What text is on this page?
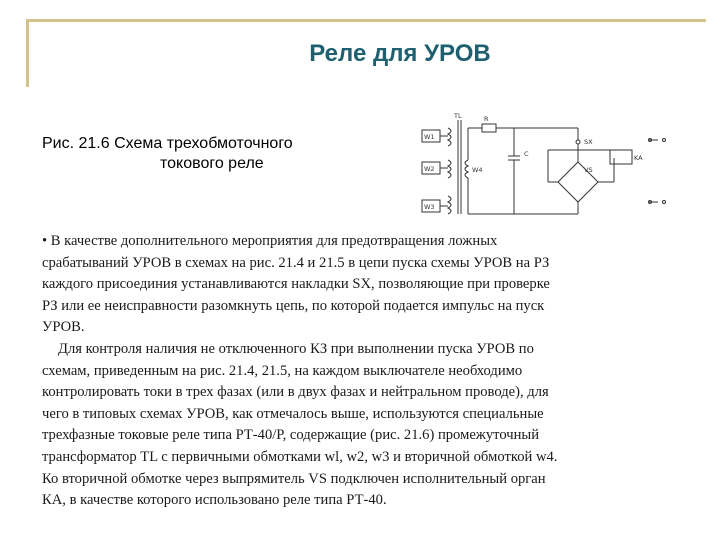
Реле для УРОВ
Рис. 21.6 Схема трехобмоточного
токового реле
W1
W2
W3
W4
TL	R
C
SX
VS
KA

• В качестве дополнительного мероприятия для предотвращения ложных
срабатываний УРОВ в схемах на рис. 21.4 и 21.5 в цепи пуска схемы УРОВ на РЗ
каждого присоединия устанавливаются накладки SX, позволяющие при проверке
РЗ или ее неисправности разомкнуть цепь, по которой подается импульс на пуск
УРОВ.

Для контроля наличия не отключенного КЗ при выполнении пуска УРОВ по
схемам, приведенным на рис. 21.4, 21.5, на каждом выключателе необходимо
контролировать токи в трех фазах (или в двух фазах и нейтральном проводе), для
чего в типовых схемах УРОВ, как отмечалось выше, используются специальные
трехфазные токовые реле типа РТ-40/Р, содержащие (рис. 21.6) промежуточный
трансформатор TL с первичными обмотками wl, w2, w3 и вторичной обмоткой w4.
Ко вторичной обмотке через выпрямитель VS подключен исполнительный орган
КА, в качестве которого использовано реле типа РТ-40.
